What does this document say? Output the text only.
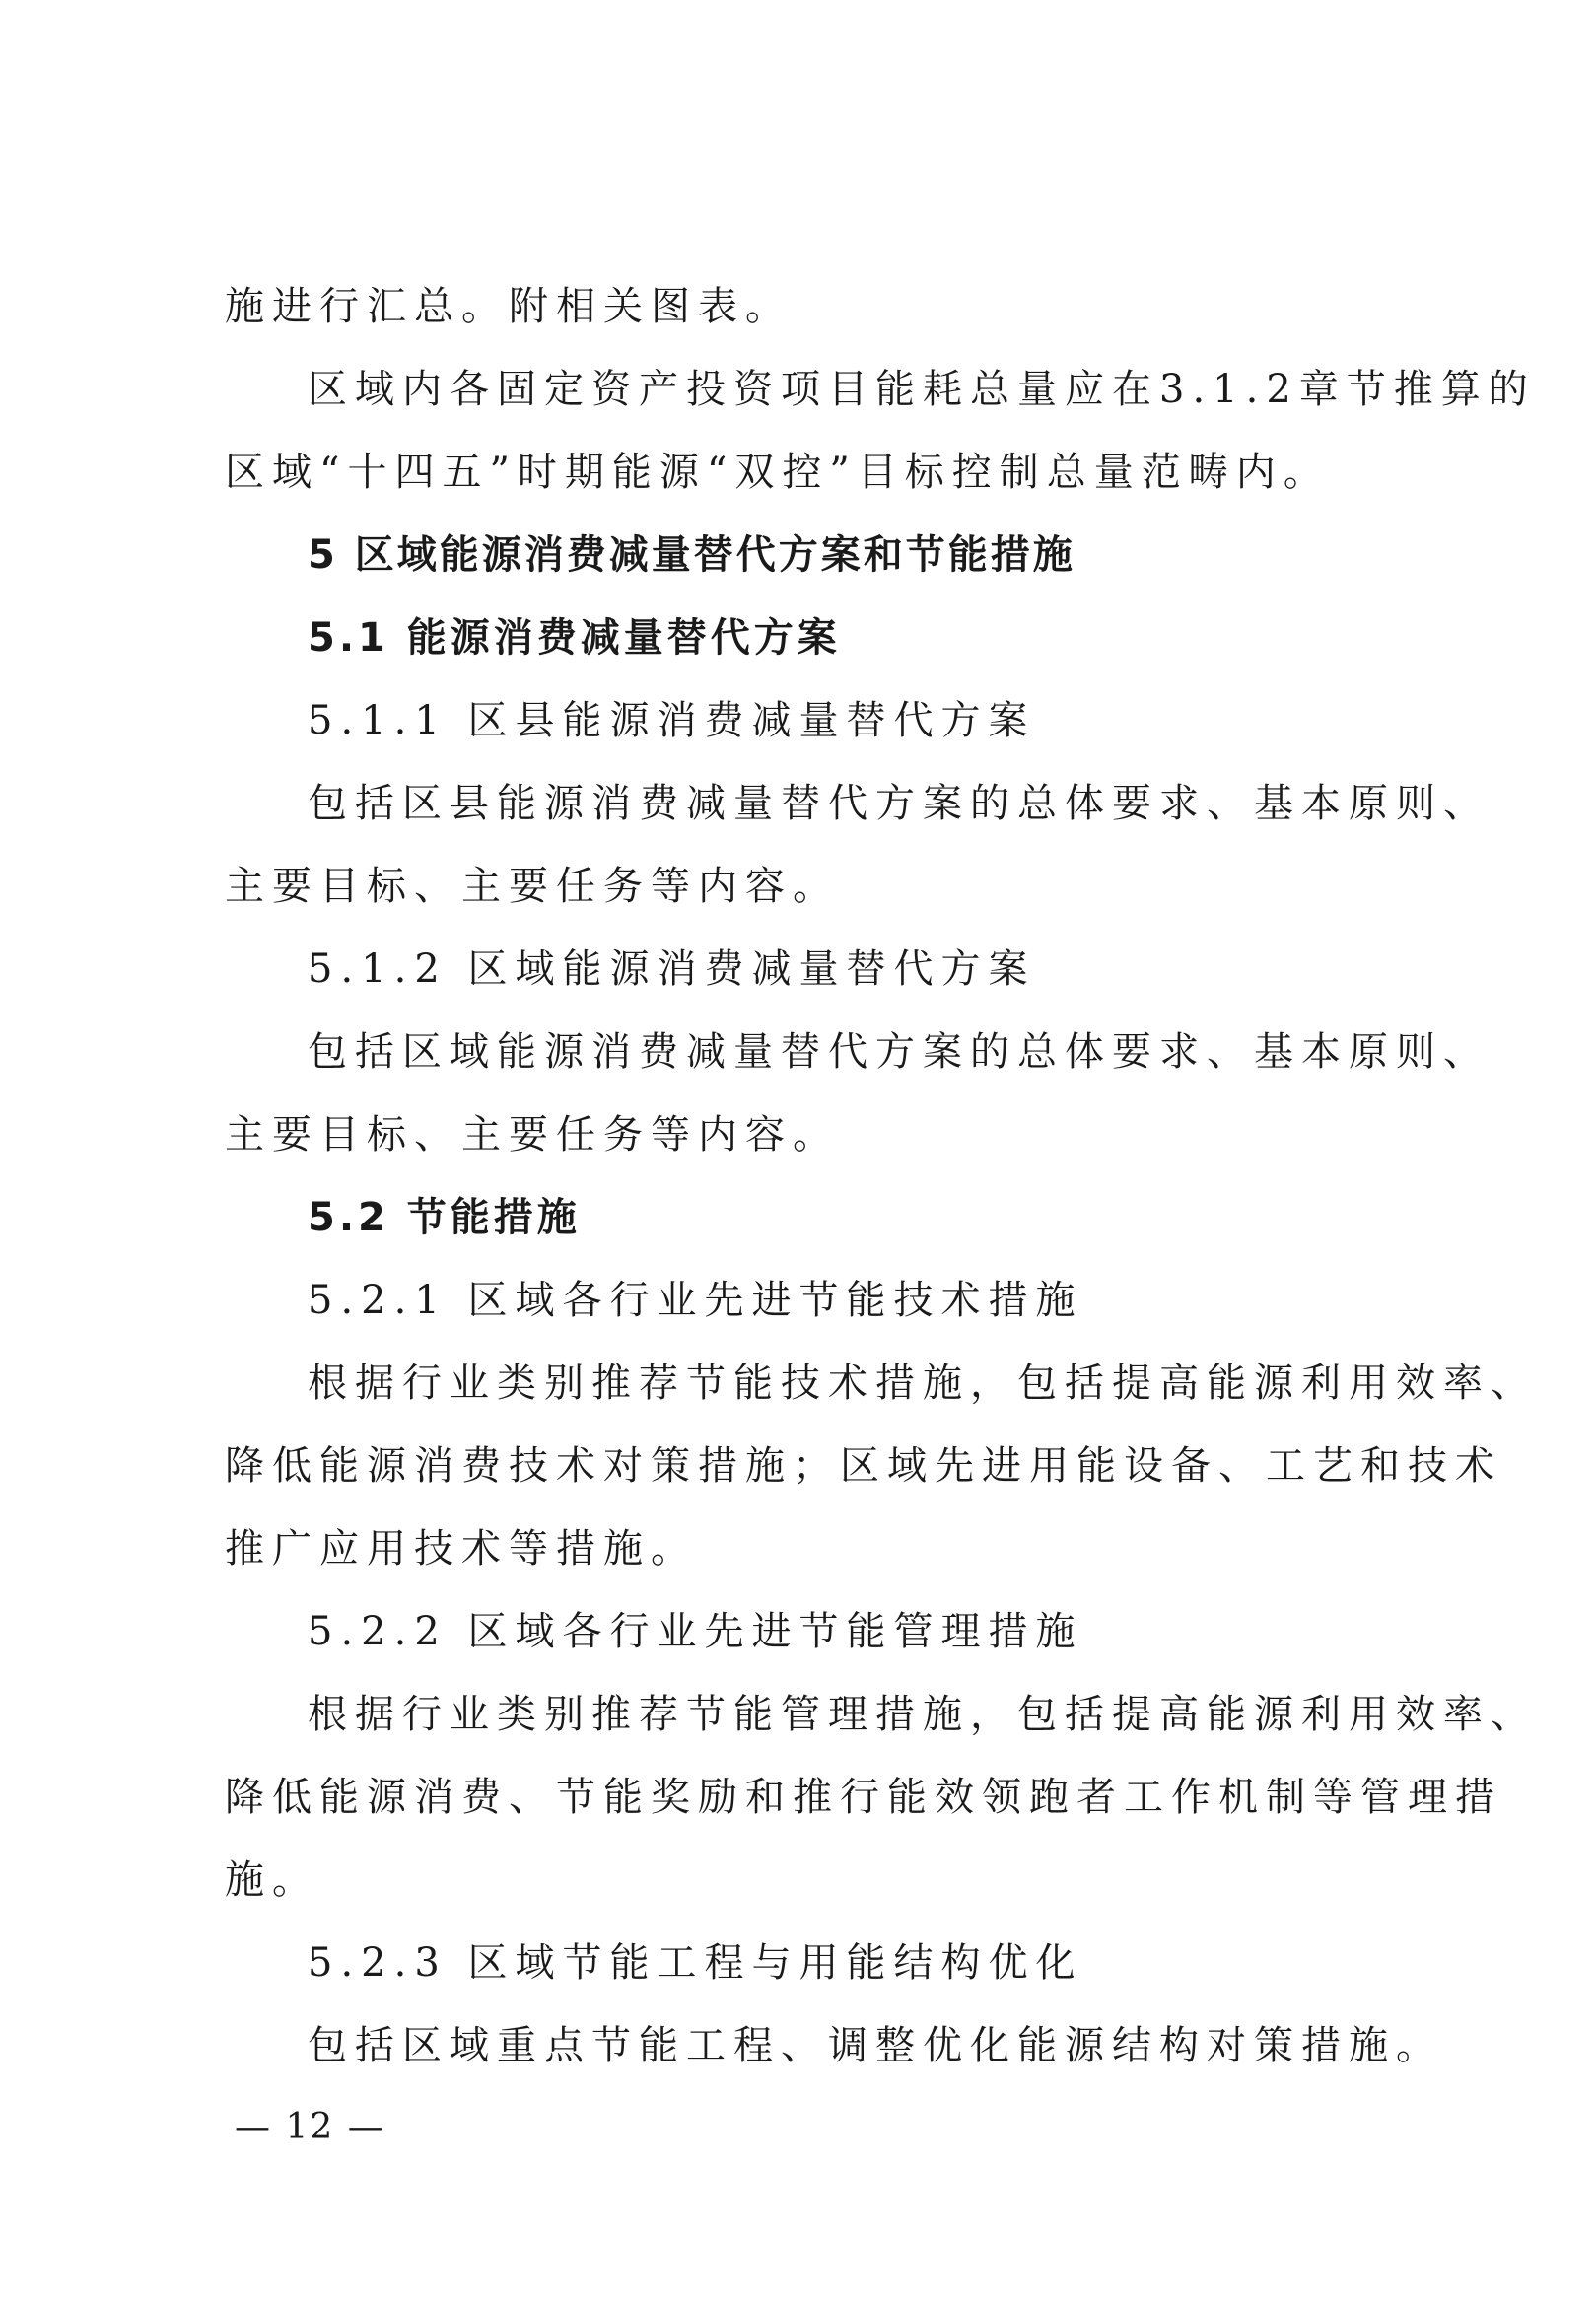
施进行汇总。附相关图表。
区域内各固定资产投资项目能耗总量应在3.1.2章节推算的
区域“十四五”时期能源“双控”目标控制总量范畴内。
5 区域能源消费减量替代方案和节能措施
5.1 能源消费减量替代方案
5.1.1 区县能源消费减量替代方案
包括区县能源消费减量替代方案的总体要求、基本原则、
主要目标、主要任务等内容。
5.1.2 区域能源消费减量替代方案
包括区域能源消费减量替代方案的总体要求、基本原则、
主要目标、主要任务等内容。
5.2 节能措施
5.2.1 区域各行业先进节能技术措施
根据行业类别推荐节能技术措施，包括提高能源利用效率、
降低能源消费技术对策措施；区域先进用能设备、工艺和技术
推广应用技术等措施。
5.2.2 区域各行业先进节能管理措施
根据行业类别推荐节能管理措施，包括提高能源利用效率、
降低能源消费、节能奖励和推行能效领跑者工作机制等管理措
施。
5.2.3 区域节能工程与用能结构优化
包括区域重点节能工程、调整优化能源结构对策措施。
— 12 —
